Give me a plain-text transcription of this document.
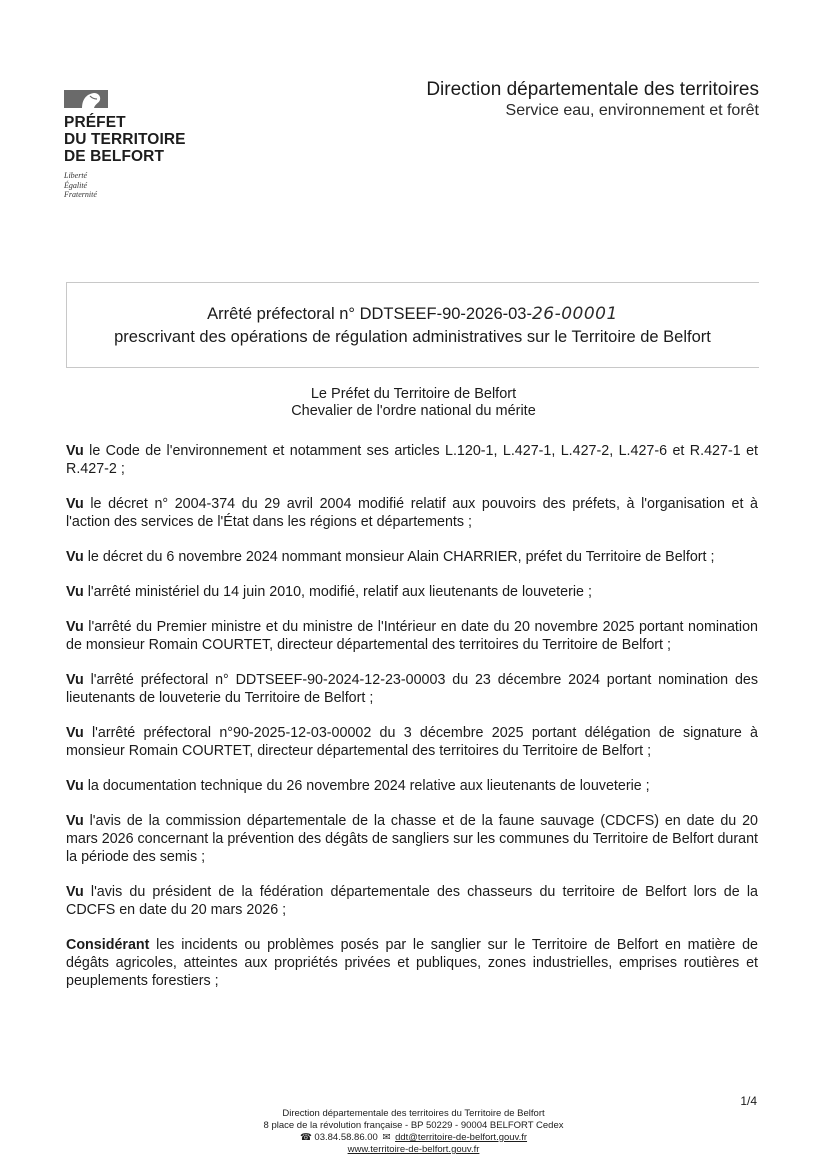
PRÉFET
DU TERRITOIRE
DE BELFORT
Liberté
Égalité
Fraternité
Direction départementale des territoires
Service eau, environnement et forêt
Arrêté préfectoral n° DDTSEEF-90-2026-03-26-00001
prescrivant des opérations de régulation administratives sur le Territoire de Belfort
Le Préfet du Territoire de Belfort
Chevalier de l'ordre national du mérite

Vu le Code de l'environnement et notamment ses articles L.120-1, L.427-1, L.427-2, L.427-6 et R.427-1 et R.427-2 ;

Vu le décret n° 2004-374 du 29 avril 2004 modifié relatif aux pouvoirs des préfets, à l'organisation et à l'action des services de l'État dans les régions et départements ;

Vu le décret du 6 novembre 2024 nommant monsieur Alain CHARRIER, préfet du Territoire de Belfort ;

Vu l'arrêté ministériel du 14 juin 2010, modifié, relatif aux lieutenants de louveterie ;

Vu l'arrêté du Premier ministre et du ministre de l'Intérieur en date du 20 novembre 2025 portant nomination de monsieur Romain COURTET, directeur départemental des territoires du Territoire de Belfort ;

Vu l'arrêté préfectoral n° DDTSEEF-90-2024-12-23-00003 du 23 décembre 2024 portant nomination des lieutenants de louveterie du Territoire de Belfort ;

Vu l'arrêté préfectoral n°90-2025-12-03-00002 du 3 décembre 2025 portant délégation de signature à monsieur Romain COURTET, directeur départemental des territoires du Territoire de Belfort ;

Vu la documentation technique du 26 novembre 2024 relative aux lieutenants de louveterie ;

Vu l'avis de la commission départementale de la chasse et de la faune sauvage (CDCFS) en date du 20 mars 2026 concernant la prévention des dégâts de sangliers sur les communes du Territoire de Belfort durant la période des semis ;

Vu l'avis du président de la fédération départementale des chasseurs du territoire de Belfort lors de la CDCFS en date du 20 mars 2026 ;

Considérant les incidents ou problèmes posés par le sanglier sur le Territoire de Belfort en matière de dégâts agricoles, atteintes aux propriétés privées et publiques, zones industrielles, emprises routières et peuplements forestiers ;

1/4
Direction départementale des territoires du Territoire de Belfort
8 place de la révolution française - BP 50229 - 90004 BELFORT Cedex
☎ 03.84.58.86.00 ✉ ddt@territoire-de-belfort.gouv.fr
www.territoire-de-belfort.gouv.fr
